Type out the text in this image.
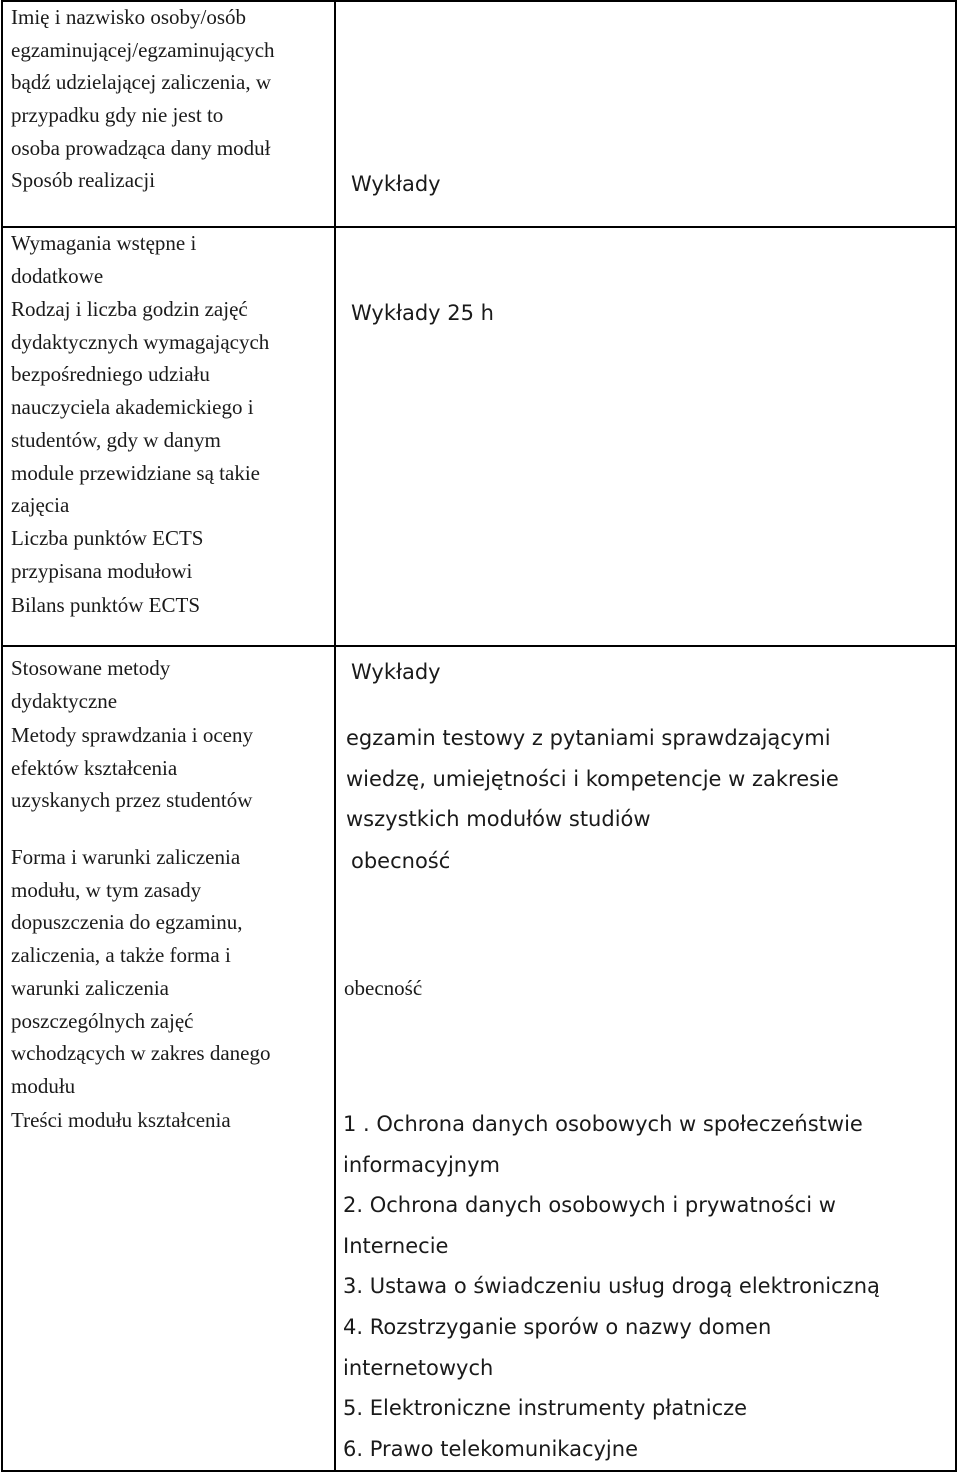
Imię i nazwisko osoby/osób
egzaminującej/egzaminujących
bądź udzielającej zaliczenia, w
przypadku gdy nie jest to
osoba prowadząca dany moduł
Sposób realizacji
Wymagania wstępne i
dodatkowe
Rodzaj i liczba godzin zajęć
dydaktycznych wymagających
bezpośredniego udziału
nauczyciela akademickiego i
studentów, gdy w danym
module przewidziane są takie
zajęcia
Liczba punktów ECTS
przypisana modułowi
Bilans punktów ECTS
Stosowane metody
dydaktyczne
Metody sprawdzania i oceny
efektów kształcenia
uzyskanych przez studentów
Forma i warunki zaliczenia
modułu, w tym zasady
dopuszczenia do egzaminu,
zaliczenia, a także forma i
warunki zaliczenia
poszczególnych zajęć
wchodzących w zakres danego
modułu
Treści modułu kształcenia
Wykłady
Wykłady 25 h
Wykłady
egzamin testowy z pytaniami sprawdzającymi
wiedzę, umiejętności i kompetencje w zakresie
wszystkich modułów studiów
obecność
obecność
1 . Ochrona danych osobowych w społeczeństwie
informacyjnym
2. Ochrona danych osobowych i prywatności w
Internecie
3. Ustawa o świadczeniu usług drogą elektroniczną
4. Rozstrzyganie sporów o nazwy domen
internetowych
5. Elektroniczne instrumenty płatnicze
6. Prawo telekomunikacyjne
